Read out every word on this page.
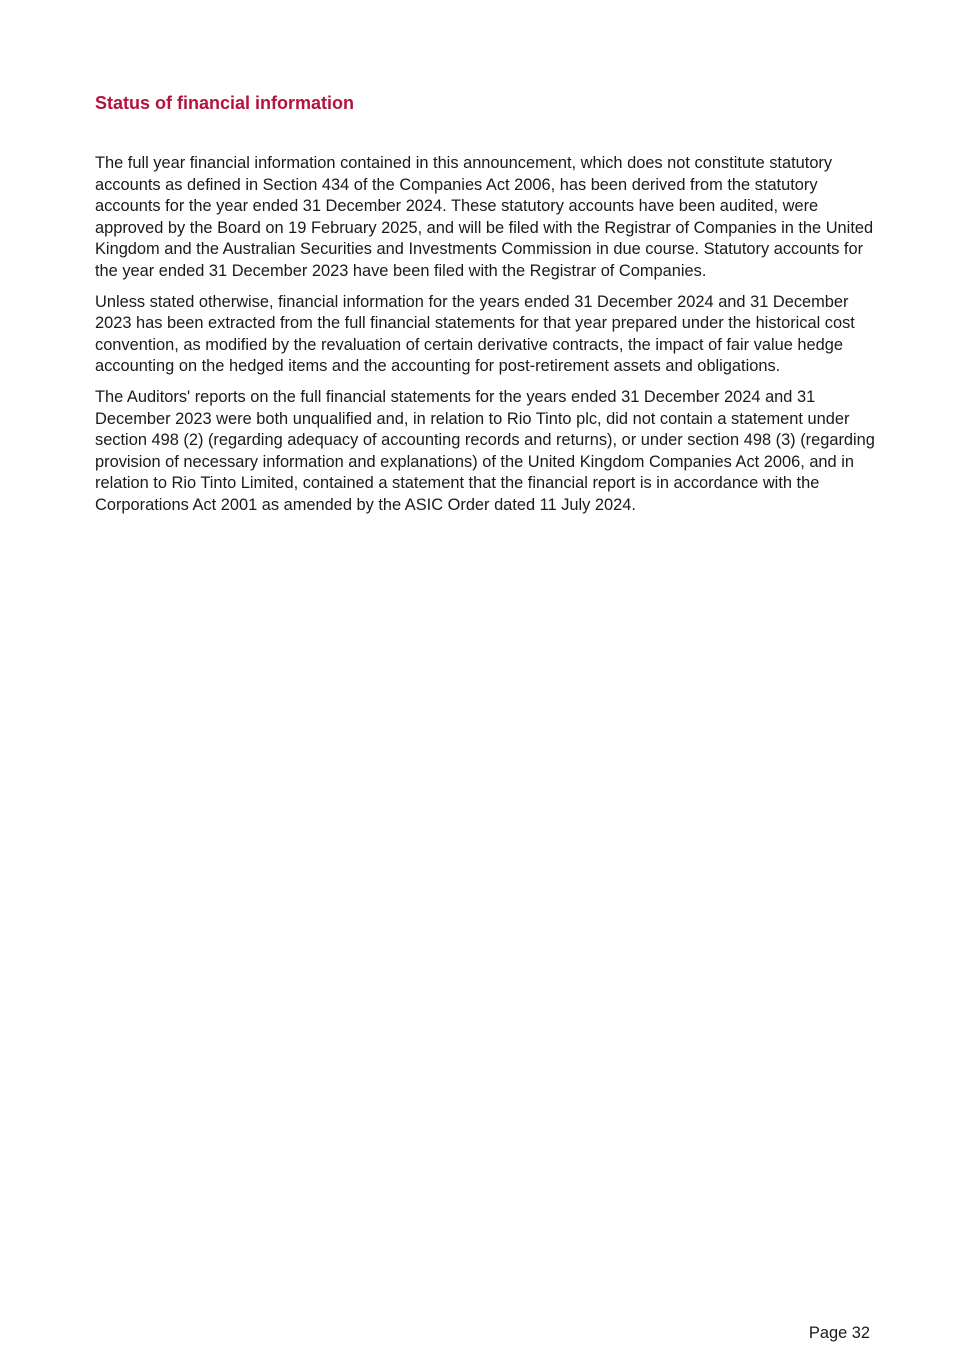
Status of financial information

The full year financial information contained in this announcement, which does not constitute statutory accounts as defined in Section 434 of the Companies Act 2006, has been derived from the statutory accounts for the year ended 31 December 2024. These statutory accounts have been audited, were approved by the Board on 19 February 2025, and will be filed with the Registrar of Companies in the United Kingdom and the Australian Securities and Investments Commission in due course. Statutory accounts for the year ended 31 December 2023 have been filed with the Registrar of Companies.

Unless stated otherwise, financial information for the years ended 31 December 2024 and 31 December 2023 has been extracted from the full financial statements for that year prepared under the historical cost convention, as modified by the revaluation of certain derivative contracts, the impact of fair value hedge accounting on the hedged items and the accounting for post-retirement assets and obligations.

The Auditors' reports on the full financial statements for the years ended 31 December 2024 and 31 December 2023 were both unqualified and, in relation to Rio Tinto plc, did not contain a statement under section 498 (2) (regarding adequacy of accounting records and returns), or under section 498 (3) (regarding provision of necessary information and explanations) of the United Kingdom Companies Act 2006, and in relation to Rio Tinto Limited, contained a statement that the financial report is in accordance with the Corporations Act 2001 as amended by the ASIC Order dated 11 July 2024.

Page 32
